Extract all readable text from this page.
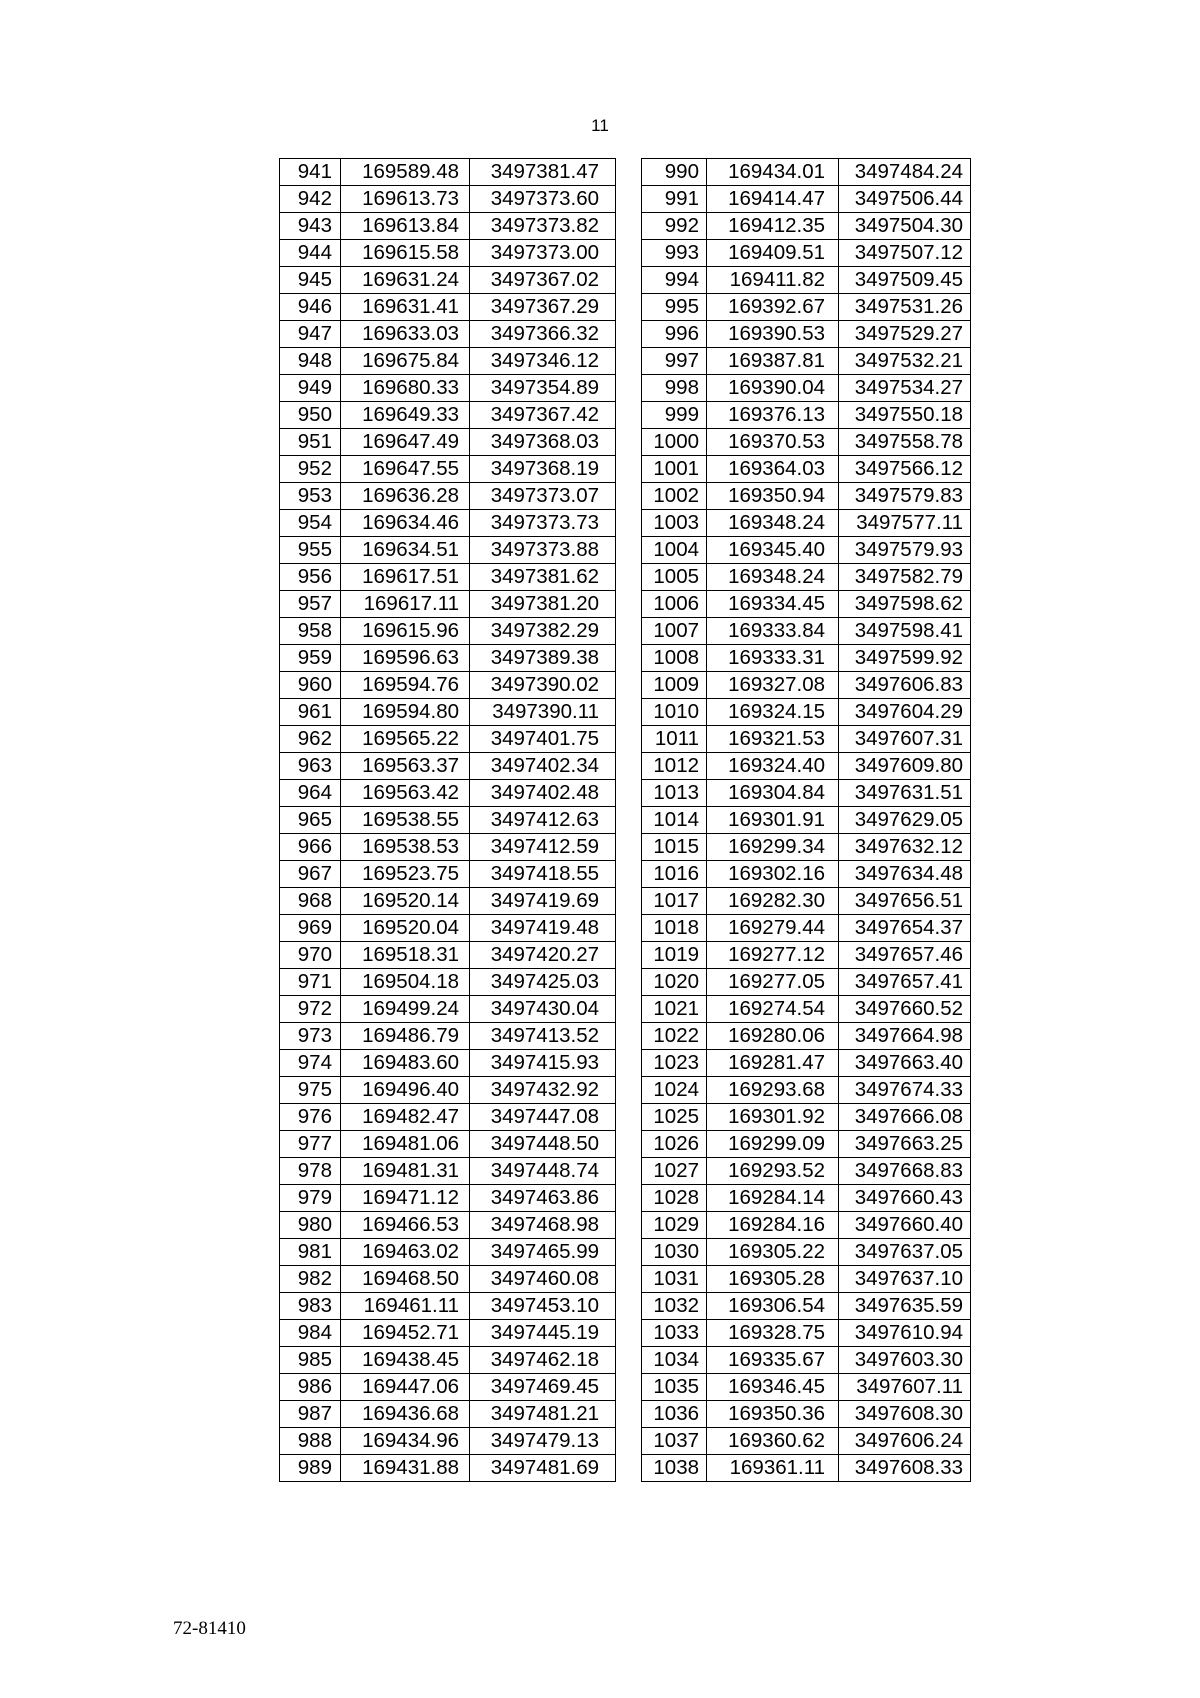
11
941	169589.48	3497381.47
942	169613.73	3497373.60
943	169613.84	3497373.82
944	169615.58	3497373.00
945	169631.24	3497367.02
946	169631.41	3497367.29
947	169633.03	3497366.32
948	169675.84	3497346.12
949	169680.33	3497354.89
950	169649.33	3497367.42
951	169647.49	3497368.03
952	169647.55	3497368.19
953	169636.28	3497373.07
954	169634.46	3497373.73
955	169634.51	3497373.88
956	169617.51	3497381.62
957	169617.11	3497381.20
958	169615.96	3497382.29
959	169596.63	3497389.38
960	169594.76	3497390.02
961	169594.80	3497390.11
962	169565.22	3497401.75
963	169563.37	3497402.34
964	169563.42	3497402.48
965	169538.55	3497412.63
966	169538.53	3497412.59
967	169523.75	3497418.55
968	169520.14	3497419.69
969	169520.04	3497419.48
970	169518.31	3497420.27
971	169504.18	3497425.03
972	169499.24	3497430.04
973	169486.79	3497413.52
974	169483.60	3497415.93
975	169496.40	3497432.92
976	169482.47	3497447.08
977	169481.06	3497448.50
978	169481.31	3497448.74
979	169471.12	3497463.86
980	169466.53	3497468.98
981	169463.02	3497465.99
982	169468.50	3497460.08
983	169461.11	3497453.10
984	169452.71	3497445.19
985	169438.45	3497462.18
986	169447.06	3497469.45
987	169436.68	3497481.21
988	169434.96	3497479.13
989	169431.88	3497481.69
990	169434.01	3497484.24
991	169414.47	3497506.44
992	169412.35	3497504.30
993	169409.51	3497507.12
994	169411.82	3497509.45
995	169392.67	3497531.26
996	169390.53	3497529.27
997	169387.81	3497532.21
998	169390.04	3497534.27
999	169376.13	3497550.18
1000	169370.53	3497558.78
1001	169364.03	3497566.12
1002	169350.94	3497579.83
1003	169348.24	3497577.11
1004	169345.40	3497579.93
1005	169348.24	3497582.79
1006	169334.45	3497598.62
1007	169333.84	3497598.41
1008	169333.31	3497599.92
1009	169327.08	3497606.83
1010	169324.15	3497604.29
1011	169321.53	3497607.31
1012	169324.40	3497609.80
1013	169304.84	3497631.51
1014	169301.91	3497629.05
1015	169299.34	3497632.12
1016	169302.16	3497634.48
1017	169282.30	3497656.51
1018	169279.44	3497654.37
1019	169277.12	3497657.46
1020	169277.05	3497657.41
1021	169274.54	3497660.52
1022	169280.06	3497664.98
1023	169281.47	3497663.40
1024	169293.68	3497674.33
1025	169301.92	3497666.08
1026	169299.09	3497663.25
1027	169293.52	3497668.83
1028	169284.14	3497660.43
1029	169284.16	3497660.40
1030	169305.22	3497637.05
1031	169305.28	3497637.10
1032	169306.54	3497635.59
1033	169328.75	3497610.94
1034	169335.67	3497603.30
1035	169346.45	3497607.11
1036	169350.36	3497608.30
1037	169360.62	3497606.24
1038	169361.11	3497608.33
72-81410
